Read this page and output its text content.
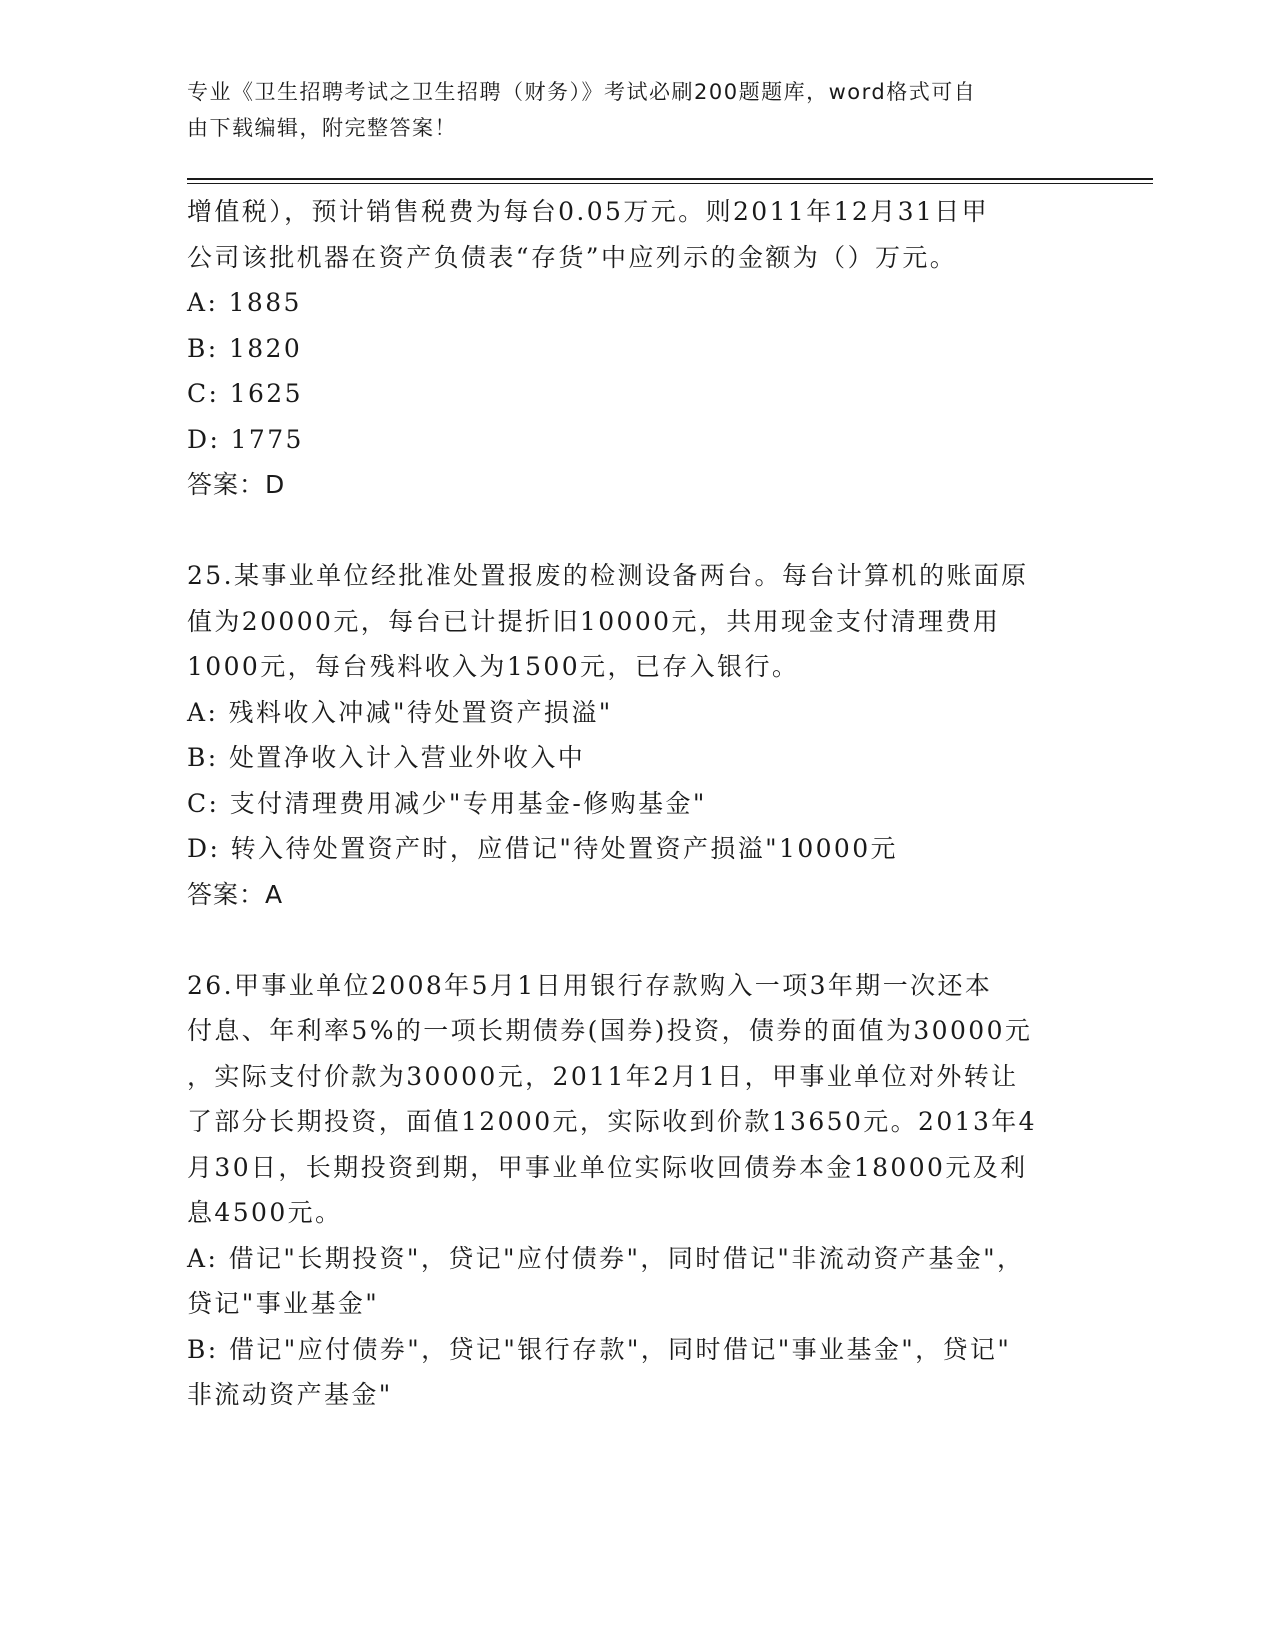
专业《卫生招聘考试之卫生招聘（财务）》考试必刷200题题库，word格式可自
由下载编辑，附完整答案！
增值税），预计销售税费为每台0.05万元。则2011年12月31日甲
公司该批机器在资产负债表“存货”中应列示的金额为（）万元。
A: 1885
B: 1820
C: 1625
D: 1775
答案：D
25.某事业单位经批准处置报废的检测设备两台。每台计算机的账面原
值为20000元，每台已计提折旧10000元，共用现金支付清理费用
1000元，每台残料收入为1500元，已存入银行。
A: 残料收入冲减"待处置资产损溢"
B: 处置净收入计入营业外收入中
C: 支付清理费用减少"专用基金-修购基金"
D: 转入待处置资产时，应借记"待处置资产损溢"10000元
答案：A
26.甲事业单位2008年5月1日用银行存款购入一项3年期一次还本
付息、年利率5%的一项长期债券(国券)投资，债券的面值为30000元
，实际支付价款为30000元，2011年2月1日，甲事业单位对外转让
了部分长期投资，面值12000元，实际收到价款13650元。2013年4
月30日，长期投资到期，甲事业单位实际收回债券本金18000元及利
息4500元。
A: 借记"长期投资"，贷记"应付债券"，同时借记"非流动资产基金"，
贷记"事业基金"
B: 借记"应付债券"，贷记"银行存款"，同时借记"事业基金"，贷记"
非流动资产基金"
